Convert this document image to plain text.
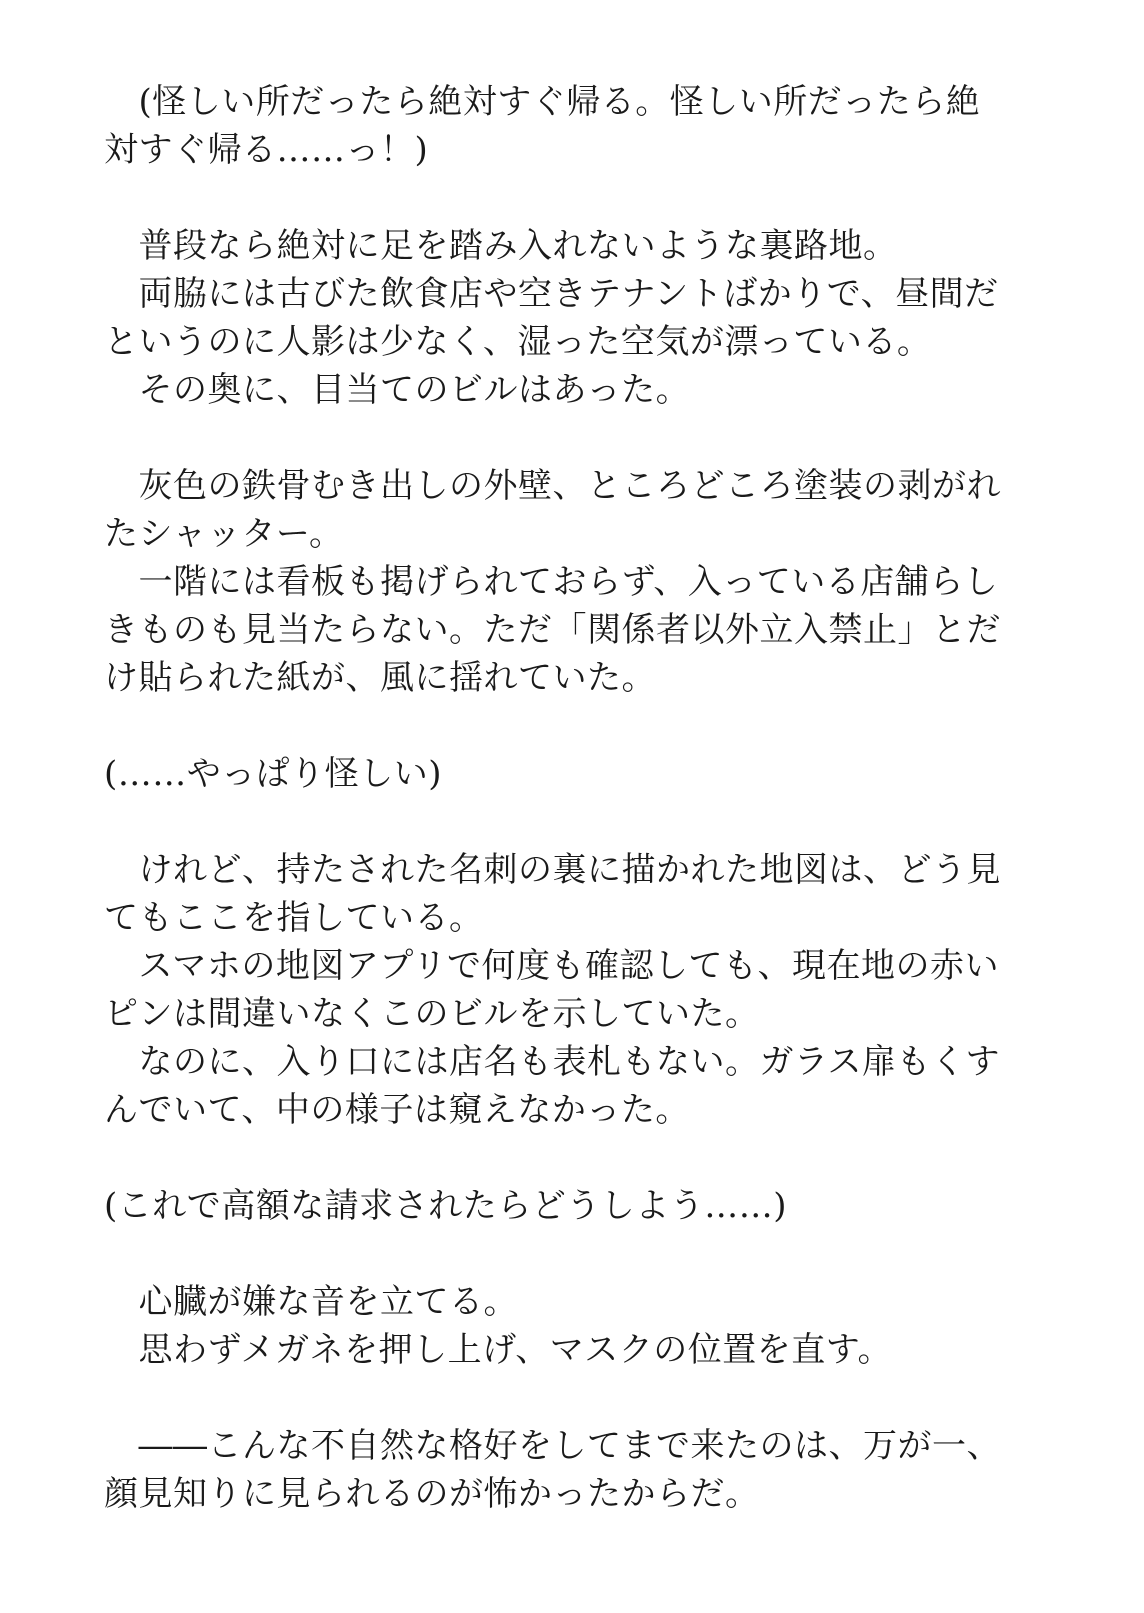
　(怪しい所だったら絶対すぐ帰る。怪しい所だったら絶
対すぐ帰る……っ！)
　普段なら絶対に足を踏み入れないような裏路地。
　両脇には古びた飲食店や空きテナントばかりで、昼間だ
というのに人影は少なく、湿った空気が漂っている。
　その奥に、目当てのビルはあった。
　灰色の鉄骨むき出しの外壁、ところどころ塗装の剥がれ
たシャッター。
　一階には看板も掲げられておらず、入っている店舗らし
きものも見当たらない。ただ「関係者以外立入禁止」とだ
け貼られた紙が、風に揺れていた。
(……やっぱり怪しい)
　けれど、持たされた名刺の裏に描かれた地図は、どう見
てもここを指している。
　スマホの地図アプリで何度も確認しても、現在地の赤い
ピンは間違いなくこのビルを示していた。
　なのに、入り口には店名も表札もない。ガラス扉もくす
んでいて、中の様子は窺えなかった。
(これで高額な請求されたらどうしよう……)
　心臓が嫌な音を立てる。
　思わずメガネを押し上げ、マスクの位置を直す。
　――こんな不自然な格好をしてまで来たのは、万が一、
顔見知りに見られるのが怖かったからだ。
